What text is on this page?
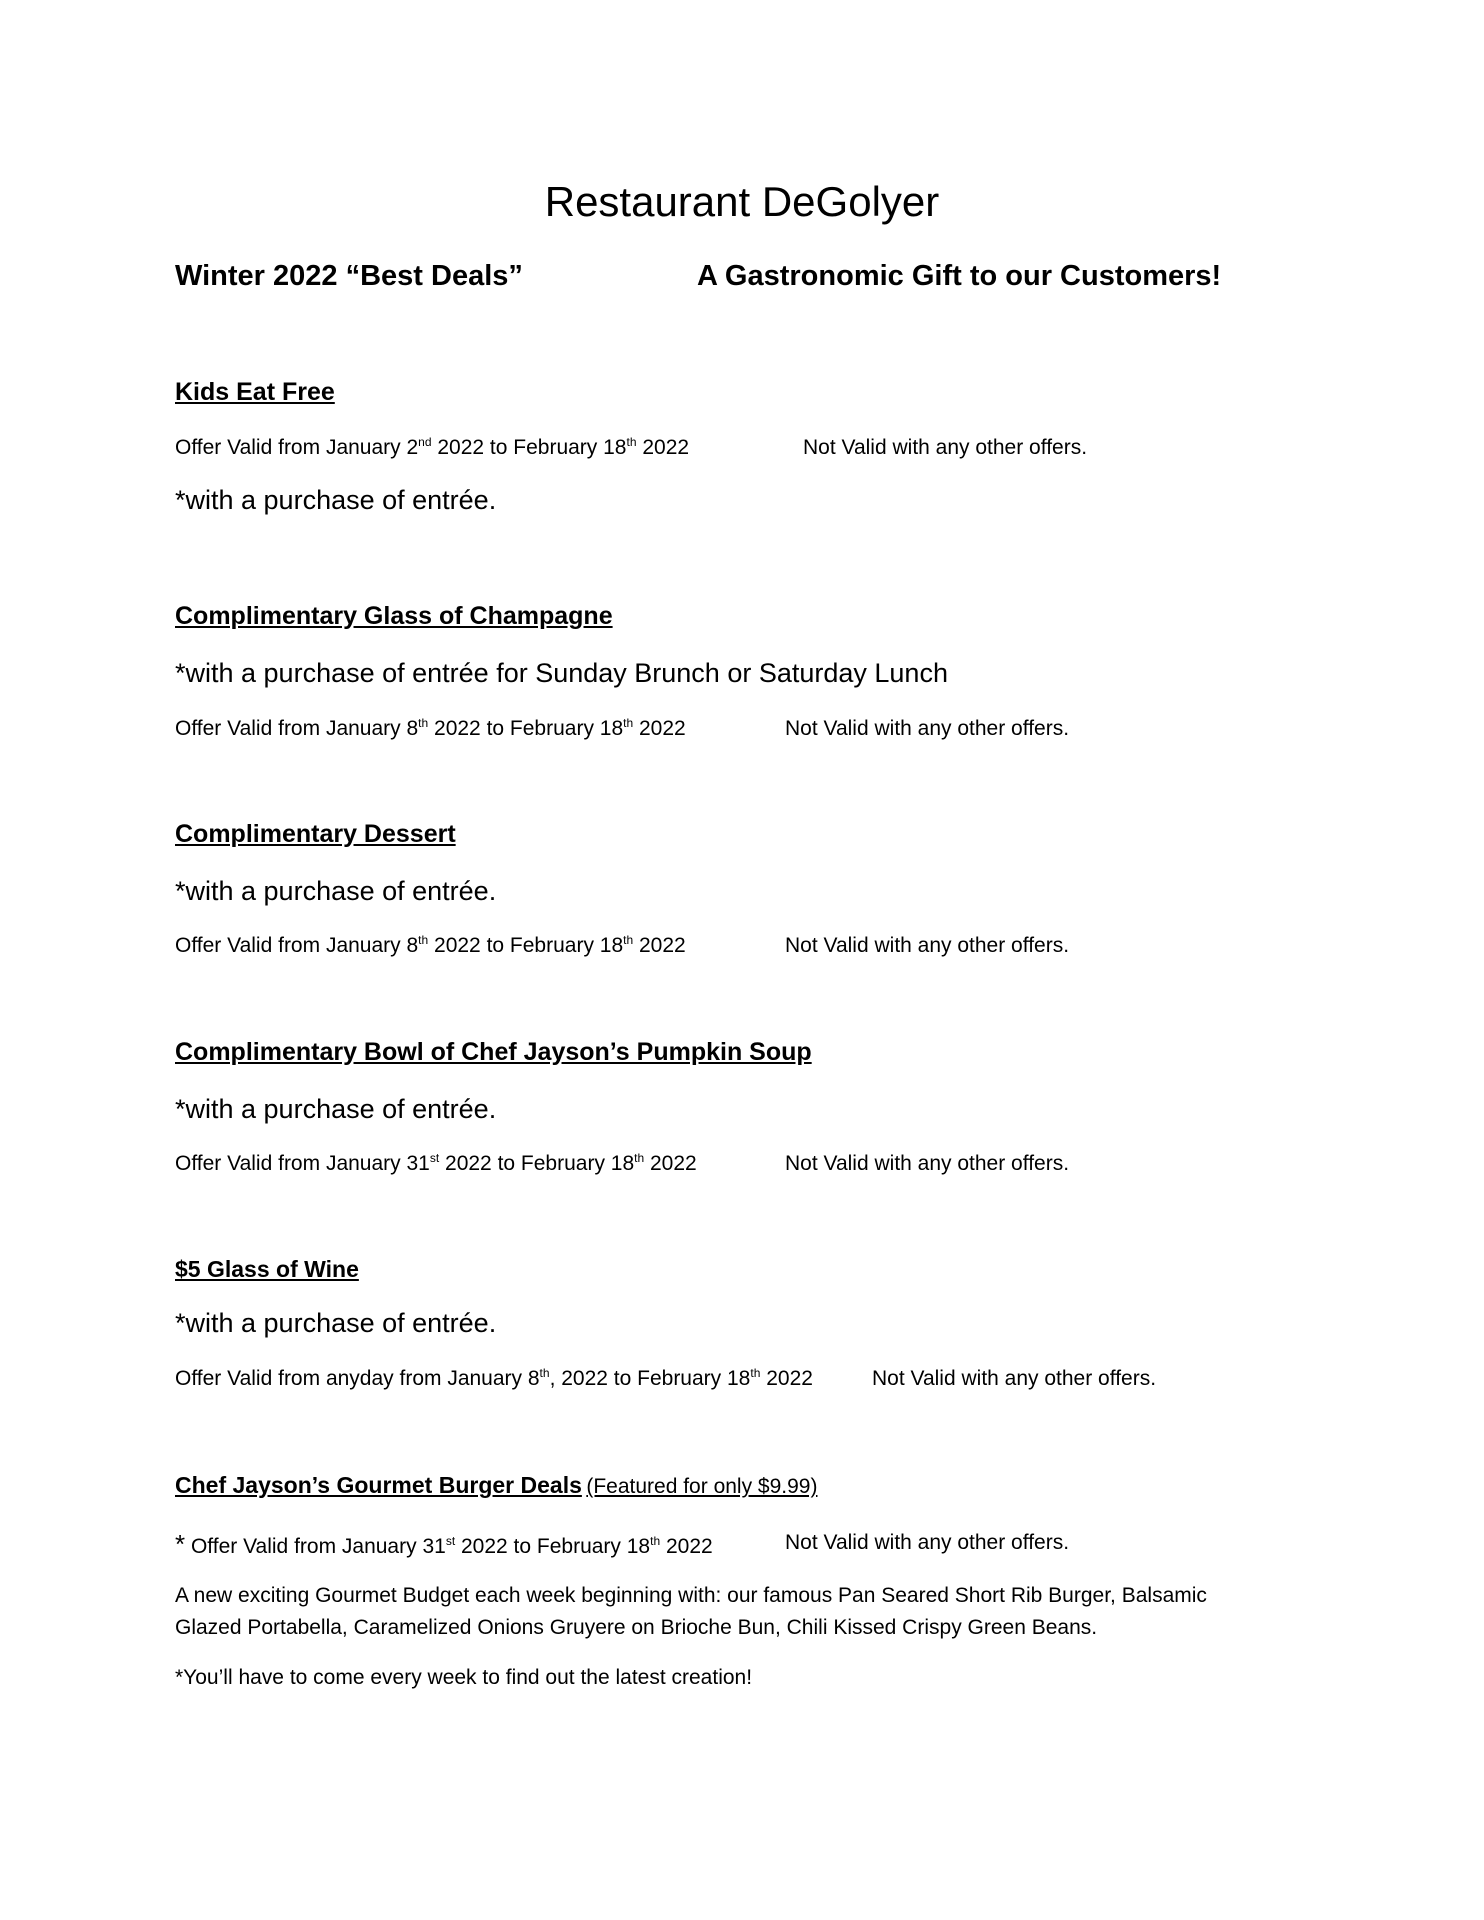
Restaurant DeGolyer
Winter 2022 “Best Deals”	A Gastronomic Gift to our Customers!
Kids Eat Free
Offer Valid from January 2nd 2022 to February 18th 2022	Not Valid with any other offers.
*with a purchase of entrée.
Complimentary Glass of Champagne
*with a purchase of entrée for Sunday Brunch or Saturday Lunch
Offer Valid from January 8th 2022 to February 18th 2022	Not Valid with any other offers.
Complimentary Dessert
*with a purchase of entrée.
Offer Valid from January 8th 2022 to February 18th 2022	Not Valid with any other offers.
Complimentary Bowl of Chef Jayson’s Pumpkin Soup
*with a purchase of entrée.
Offer Valid from January 31st 2022 to February 18th 2022	Not Valid with any other offers.
$5 Glass of Wine
*with a purchase of entrée.
Offer Valid from anyday from January 8th, 2022 to February 18th 2022	Not Valid with any other offers.
Chef Jayson’s Gourmet Burger Deals (Featured for only $9.99)
* Offer Valid from January 31st 2022 to February 18th 2022	Not Valid with any other offers.
A new exciting Gourmet Budget each week beginning with: our famous Pan Seared Short Rib Burger, Balsamic
Glazed Portabella, Caramelized Onions Gruyere on Brioche Bun, Chili Kissed Crispy Green Beans.
*You’ll have to come every week to find out the latest creation!
